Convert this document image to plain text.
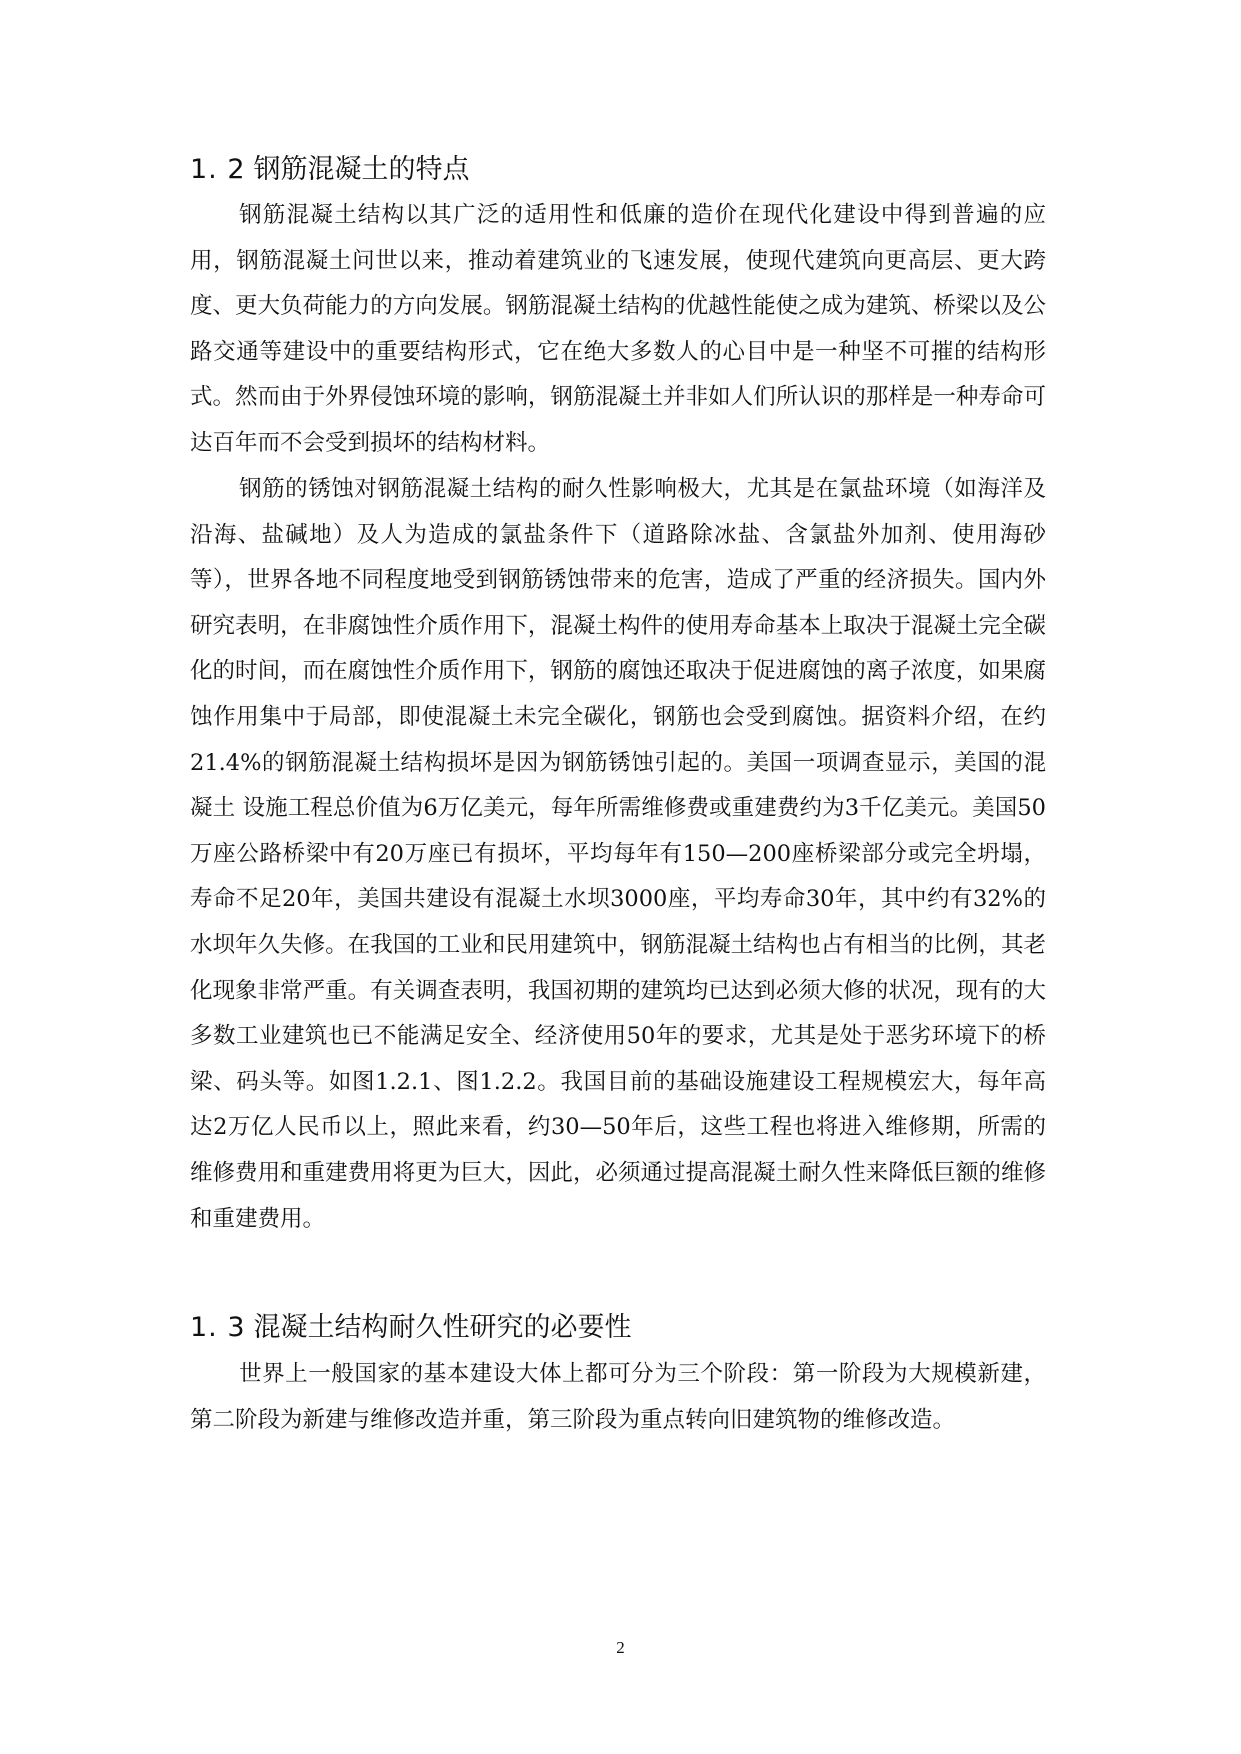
1. 2 钢筋混凝土的特点

钢筋混凝土结构以其广泛的适用性和低廉的造价在现代化建设中得到普遍的应用，钢筋混凝土问世以来，推动着建筑业的飞速发展，使现代建筑向更高层、更大跨度、更大负荷能力的方向发展。钢筋混凝土结构的优越性能使之成为建筑、桥梁以及公路交通等建设中的重要结构形式，它在绝大多数人的心目中是一种坚不可摧的结构形式。然而由于外界侵蚀环境的影响，钢筋混凝土并非如人们所认识的那样是一种寿命可达百年而不会受到损坏的结构材料。

钢筋的锈蚀对钢筋混凝土结构的耐久性影响极大，尤其是在氯盐环境（如海洋及沿海、盐碱地）及人为造成的氯盐条件下（道路除冰盐、含氯盐外加剂、使用海砂等），世界各地不同程度地受到钢筋锈蚀带来的危害，造成了严重的经济损失。国内外研究表明，在非腐蚀性介质作用下，混凝土构件的使用寿命基本上取决于混凝土完全碳化的时间，而在腐蚀性介质作用下，钢筋的腐蚀还取决于促进腐蚀的离子浓度，如果腐蚀作用集中于局部，即使混凝土未完全碳化，钢筋也会受到腐蚀。据资料介绍，在约21.4%的钢筋混凝土结构损坏是因为钢筋锈蚀引起的。美国一项调查显示，美国的混凝土 设施工程总价值为6万亿美元，每年所需维修费或重建费约为3千亿美元。美国50万座公路桥梁中有20万座已有损坏，平均每年有150—200座桥梁部分或完全坍塌，寿命不足20年，美国共建设有混凝土水坝3000座，平均寿命30年，其中约有32%的水坝年久失修。在我国的工业和民用建筑中，钢筋混凝土结构也占有相当的比例，其老化现象非常严重。有关调查表明，我国初期的建筑均已达到必须大修的状况，现有的大多数工业建筑也已不能满足安全、经济使用50年的要求，尤其是处于恶劣环境下的桥梁、码头等。如图1.2.1、图1.2.2。我国目前的基础设施建设工程规模宏大，每年高达2万亿人民币以上，照此来看，约30—50年后，这些工程也将进入维修期，所需的维修费用和重建费用将更为巨大，因此，必须通过提高混凝土耐久性来降低巨额的维修和重建费用。

1. 3 混凝土结构耐久性研究的必要性

世界上一般国家的基本建设大体上都可分为三个阶段：第一阶段为大规模新建，第二阶段为新建与维修改造并重，第三阶段为重点转向旧建筑物的维修改造。

2
